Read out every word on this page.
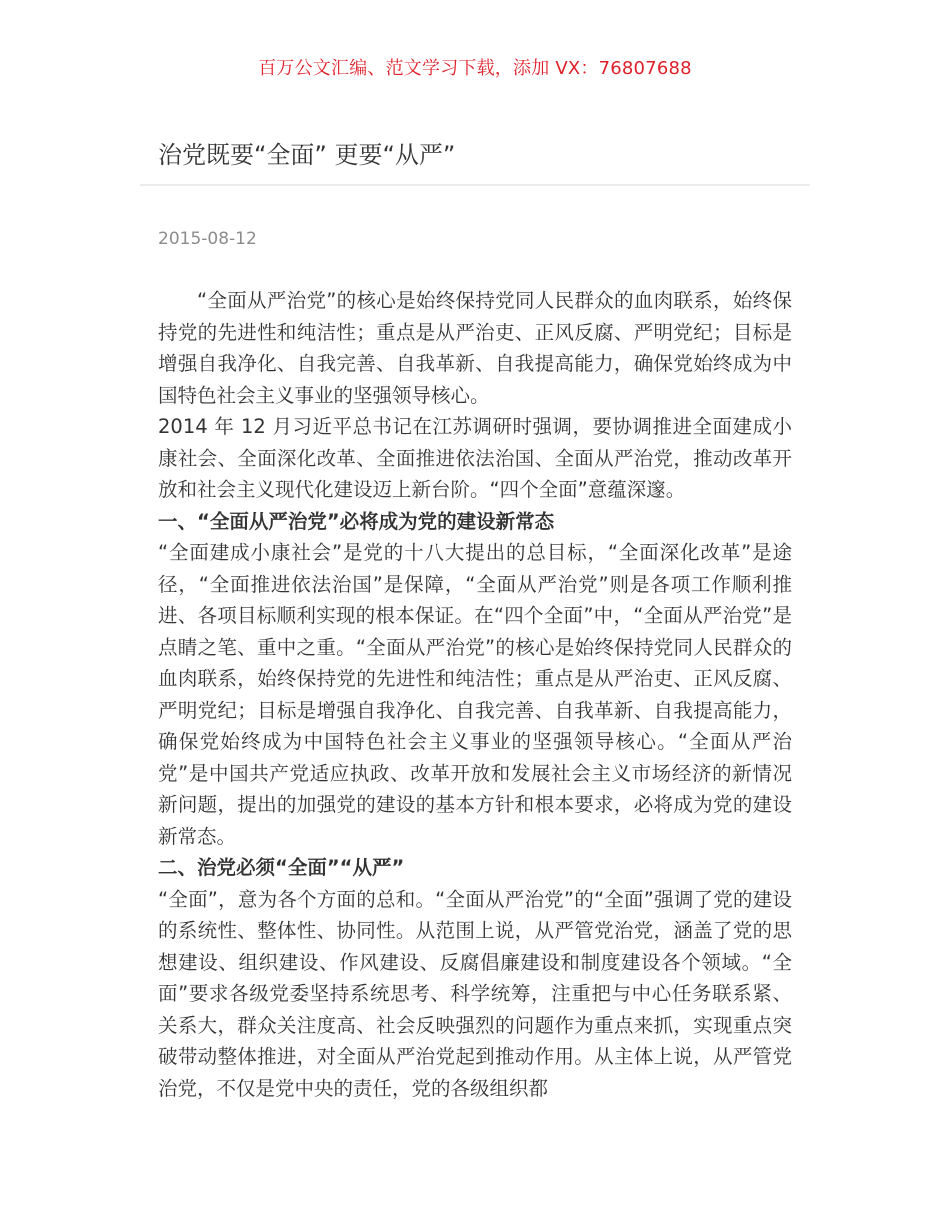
百万公文汇编、范文学习下载，添加 VX：76807688
治党既要“全面” 更要“从严”
2015-08-12

“全面从严治党”的核心是始终保持党同人民群众的血肉联系，始终保持党的先进性和纯洁性；重点是从严治吏、正风反腐、严明党纪；目标是增强自我净化、自我完善、自我革新、自我提高能力，确保党始终成为中国特色社会主义事业的坚强领导核心。

2014 年 12 月习近平总书记在江苏调研时强调，要协调推进全面建成小康社会、全面深化改革、全面推进依法治国、全面从严治党，推动改革开放和社会主义现代化建设迈上新台阶。“四个全面”意蕴深邃。

一、“全面从严治党”必将成为党的建设新常态

“全面建成小康社会”是党的十八大提出的总目标，“全面深化改革”是途径，“全面推进依法治国”是保障，“全面从严治党”则是各项工作顺利推进、各项目标顺利实现的根本保证。在“四个全面”中，“全面从严治党”是点睛之笔、重中之重。“全面从严治党”的核心是始终保持党同人民群众的血肉联系，始终保持党的先进性和纯洁性；重点是从严治吏、正风反腐、严明党纪；目标是增强自我净化、自我完善、自我革新、自我提高能力，确保党始终成为中国特色社会主义事业的坚强领导核心。“全面从严治党”是中国共产党适应执政、改革开放和发展社会主义市场经济的新情况新问题，提出的加强党的建设的基本方针和根本要求，必将成为党的建设新常态。

二、治党必须“全面”“从严”

“全面”，意为各个方面的总和。“全面从严治党”的“全面”强调了党的建设的系统性、整体性、协同性。从范围上说，从严管党治党，涵盖了党的思想建设、组织建设、作风建设、反腐倡廉建设和制度建设各个领域。“全面”要求各级党委坚持系统思考、科学统筹，注重把与中心任务联系紧、关系大，群众关注度高、社会反映强烈的问题作为重点来抓，实现重点突破带动整体推进，对全面从严治党起到推动作用。从主体上说，从严管党治党，不仅是党中央的责任，党的各级组织都
